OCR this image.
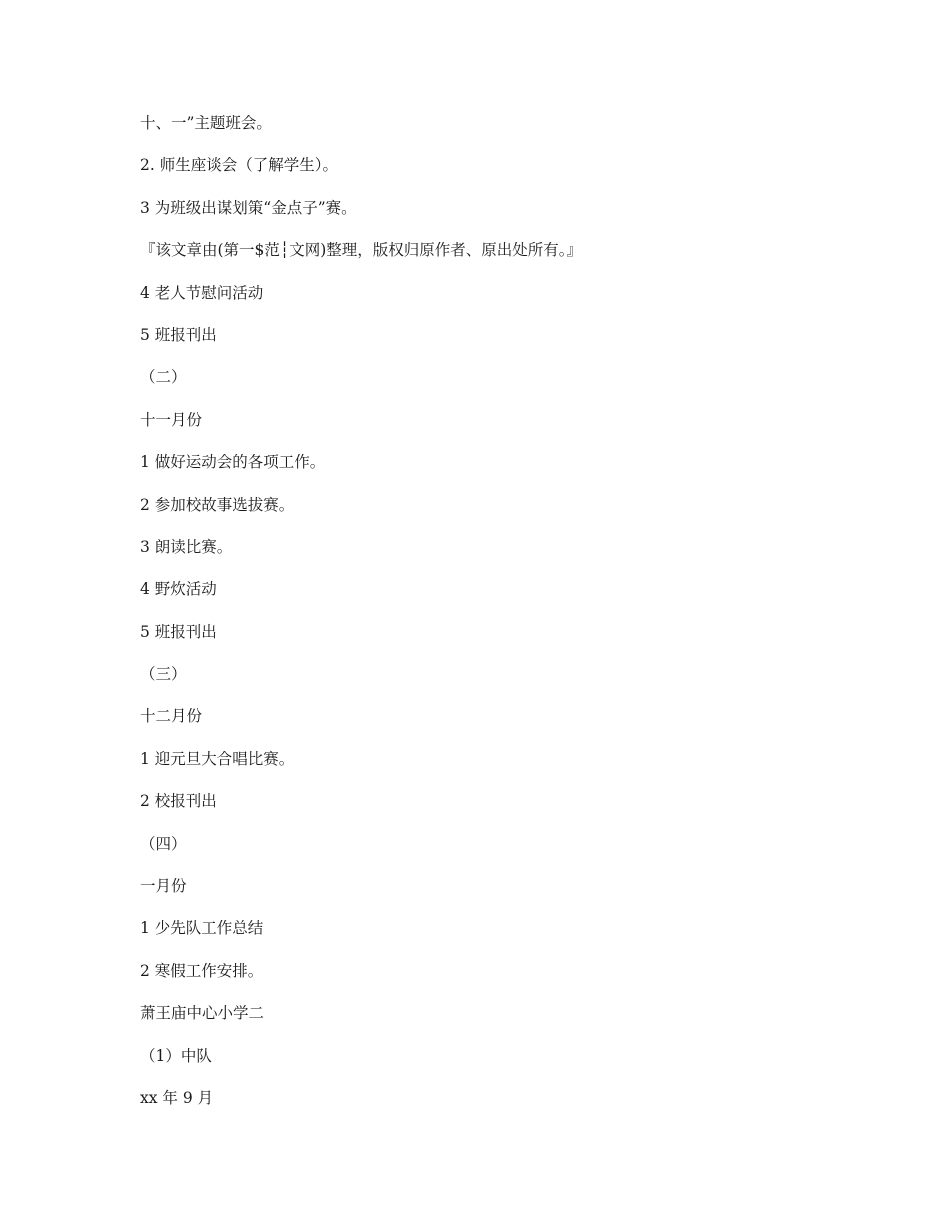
十、一”主题班会。
2. 师生座谈会（了解学生）。
3 为班级出谋划策“金点子”赛。
『该文章由(第一$范┆文网)整理，版权归原作者、原出处所有。』
4 老人节慰问活动
5 班报刊出
（二）
十一月份
1 做好运动会的各项工作。
2 参加校故事选拔赛。
3 朗读比赛。
4 野炊活动
5 班报刊出
（三）
十二月份
1 迎元旦大合唱比赛。
2 校报刊出
（四）
一月份
1 少先队工作总结
2 寒假工作安排。
萧王庙中心小学二
（1）中队
xx 年 9 月
